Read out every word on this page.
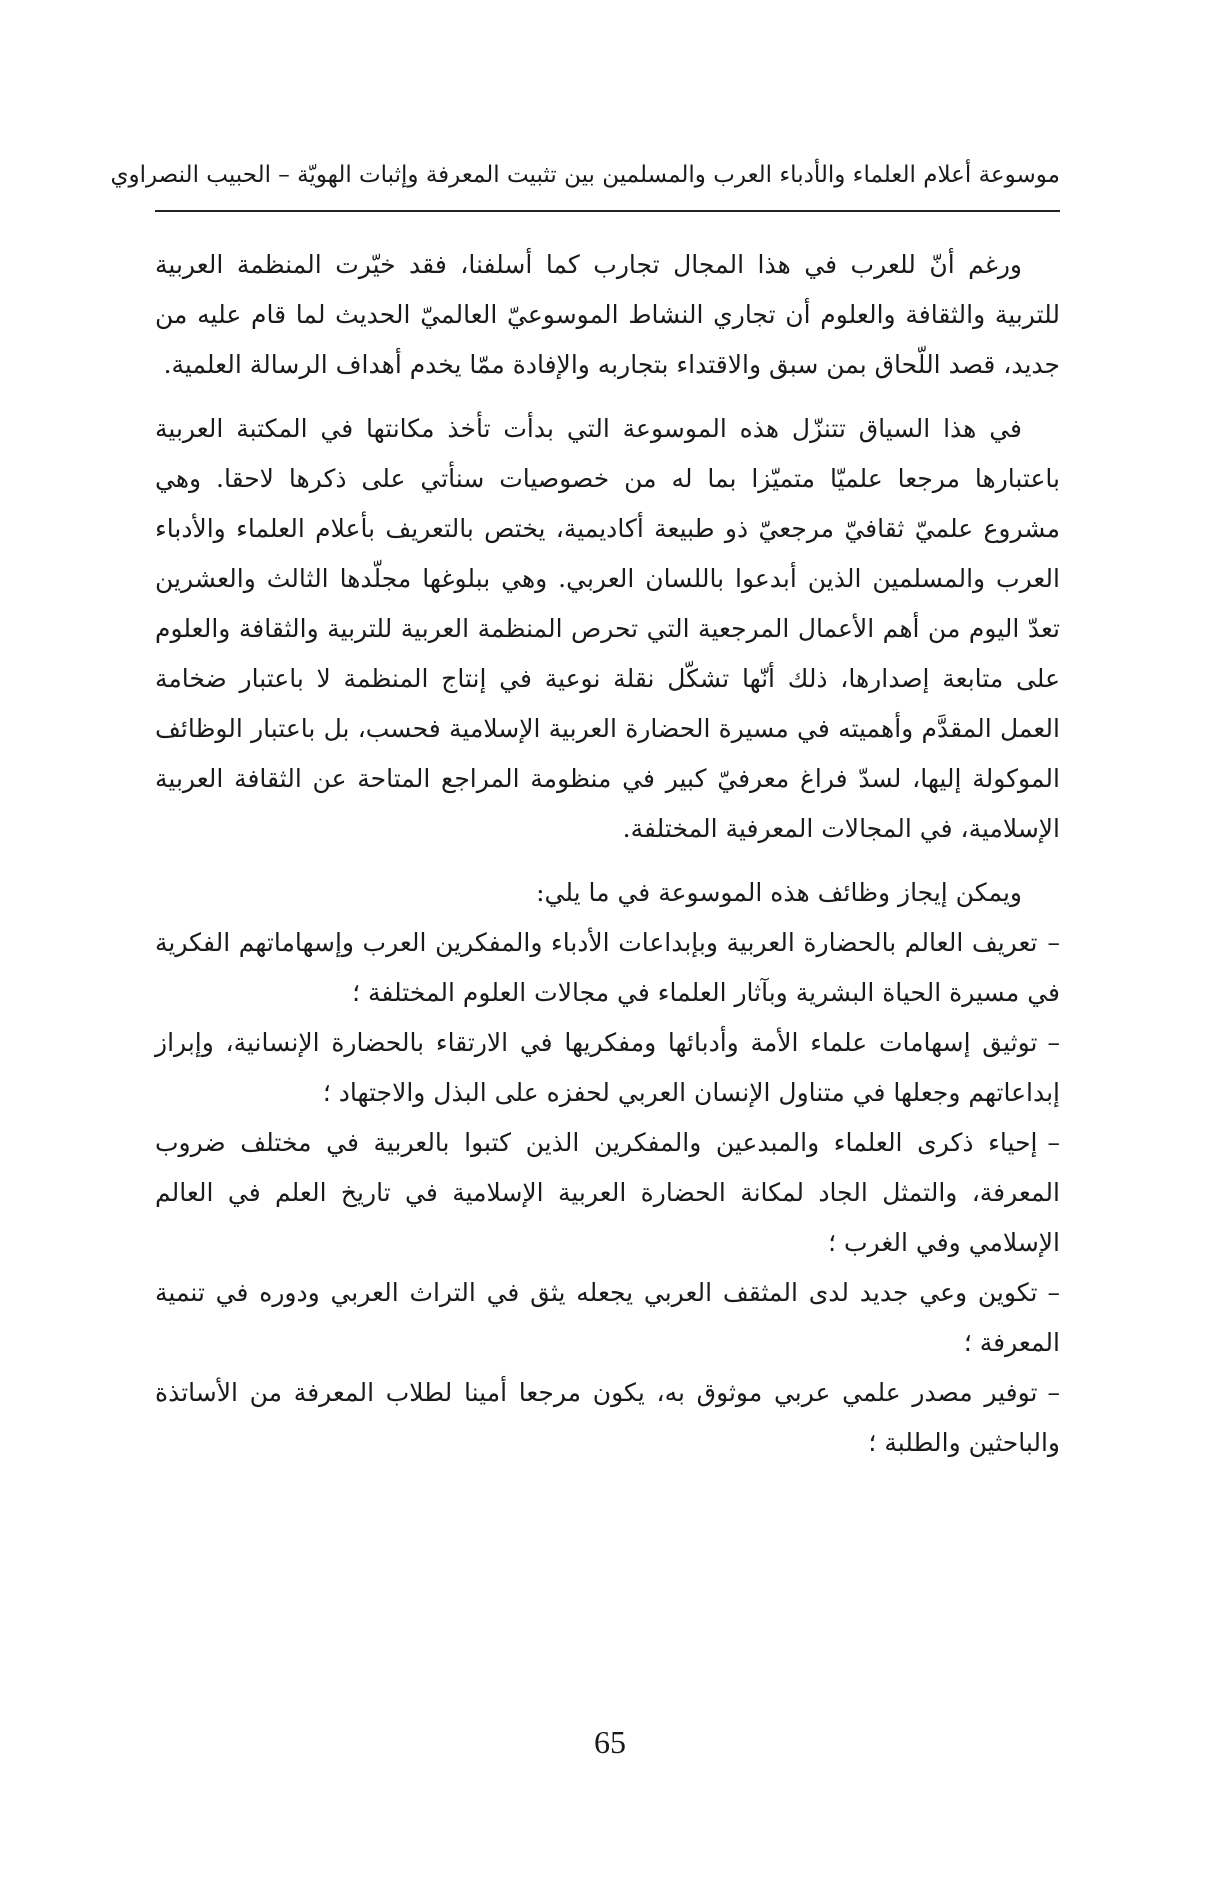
موسوعة أعلام العلماء والأدباء العرب والمسلمين بين تثبيت المعرفة وإثبات الهويّة – الحبيب النصراوي

ورغم أنّ للعرب في هذا المجال تجارب كما أسلفنا، فقد خيّرت المنظمة العربية للتربية والثقافة والعلوم أن تجاري النشاط الموسوعيّ العالميّ الحديث لما قام عليه من جديد، قصد اللّحاق بمن سبق والاقتداء بتجاربه والإفادة ممّا يخدم أهداف الرسالة العلمية.

في هذا السياق تتنزّل هذه الموسوعة التي بدأت تأخذ مكانتها في المكتبة العربية باعتبارها مرجعا علميّا متميّزا بما له من خصوصيات سنأتي على ذكرها لاحقا. وهي مشروع علميّ ثقافيّ مرجعيّ ذو طبيعة أكاديمية، يختص بالتعريف بأعلام العلماء والأدباء العرب والمسلمين الذين أبدعوا باللسان العربي. وهي ببلوغها مجلّدها الثالث والعشرين تعدّ اليوم من أهم الأعمال المرجعية التي تحرص المنظمة العربية للتربية والثقافة والعلوم على متابعة إصدارها، ذلك أنّها تشكّل نقلة نوعية في إنتاج المنظمة لا باعتبار ضخامة العمل المقدَّم وأهميته في مسيرة الحضارة العربية الإسلامية فحسب، بل باعتبار الوظائف الموكولة إليها، لسدّ فراغ معرفيّ كبير في منظومة المراجع المتاحة عن الثقافة العربية الإسلامية، في المجالات المعرفية المختلفة.

ويمكن إيجاز وظائف هذه الموسوعة في ما يلي:

–تعريف العالم بالحضارة العربية وبإبداعات الأدباء والمفكرين العرب وإسهاماتهم الفكرية في مسيرة الحياة البشرية وبآثار العلماء في مجالات العلوم المختلفة ؛
–توثيق إسهامات علماء الأمة وأدبائها ومفكريها في الارتقاء بالحضارة الإنسانية، وإبراز إبداعاتهم وجعلها في متناول الإنسان العربي لحفزه على البذل والاجتهاد ؛
–إحياء ذكرى العلماء والمبدعين والمفكرين الذين كتبوا بالعربية في مختلف ضروب المعرفة، والتمثل الجاد لمكانة الحضارة العربية الإسلامية في تاريخ العلم في العالم الإسلامي وفي الغرب ؛
–تكوين وعي جديد لدى المثقف العربي يجعله يثق في التراث العربي ودوره في تنمية المعرفة ؛
–توفير مصدر علمي عربي موثوق به، يكون مرجعا أمينا لطلاب المعرفة من الأساتذة والباحثين والطلبة ؛
65
